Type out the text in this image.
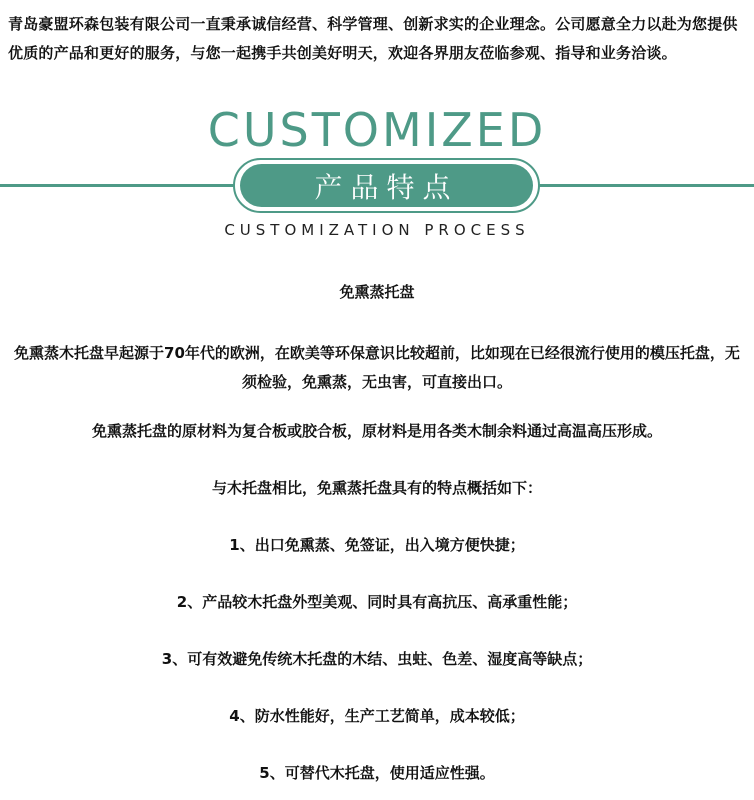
青岛豪盟环森包装有限公司一直秉承诚信经营、科学管理、创新求实的企业理念。公司愿意全力以赴为您提供优质的产品和更好的服务，与您一起携手共创美好明天，欢迎各界朋友莅临参观、指导和业务洽谈。
CUSTOMIZED
产品特点
CUSTOMIZATION PROCESS

免熏蒸托盘

免熏蒸木托盘早起源于70年代的欧洲，在欧美等环保意识比较超前，比如现在已经很流行使用的模压托盘，无须检验，免熏蒸，无虫害，可直接出口。

免熏蒸托盘的原材料为复合板或胶合板，原材料是用各类木制余料通过高温高压形成。

与木托盘相比，免熏蒸托盘具有的特点概括如下：

1、出口免熏蒸、免签证，出入境方便快捷；

2、产品较木托盘外型美观、同时具有高抗压、高承重性能；

3、可有效避免传统木托盘的木结、虫蛀、色差、湿度高等缺点；

4、防水性能好，生产工艺简单，成本较低；

5、可替代木托盘，使用适应性强。
